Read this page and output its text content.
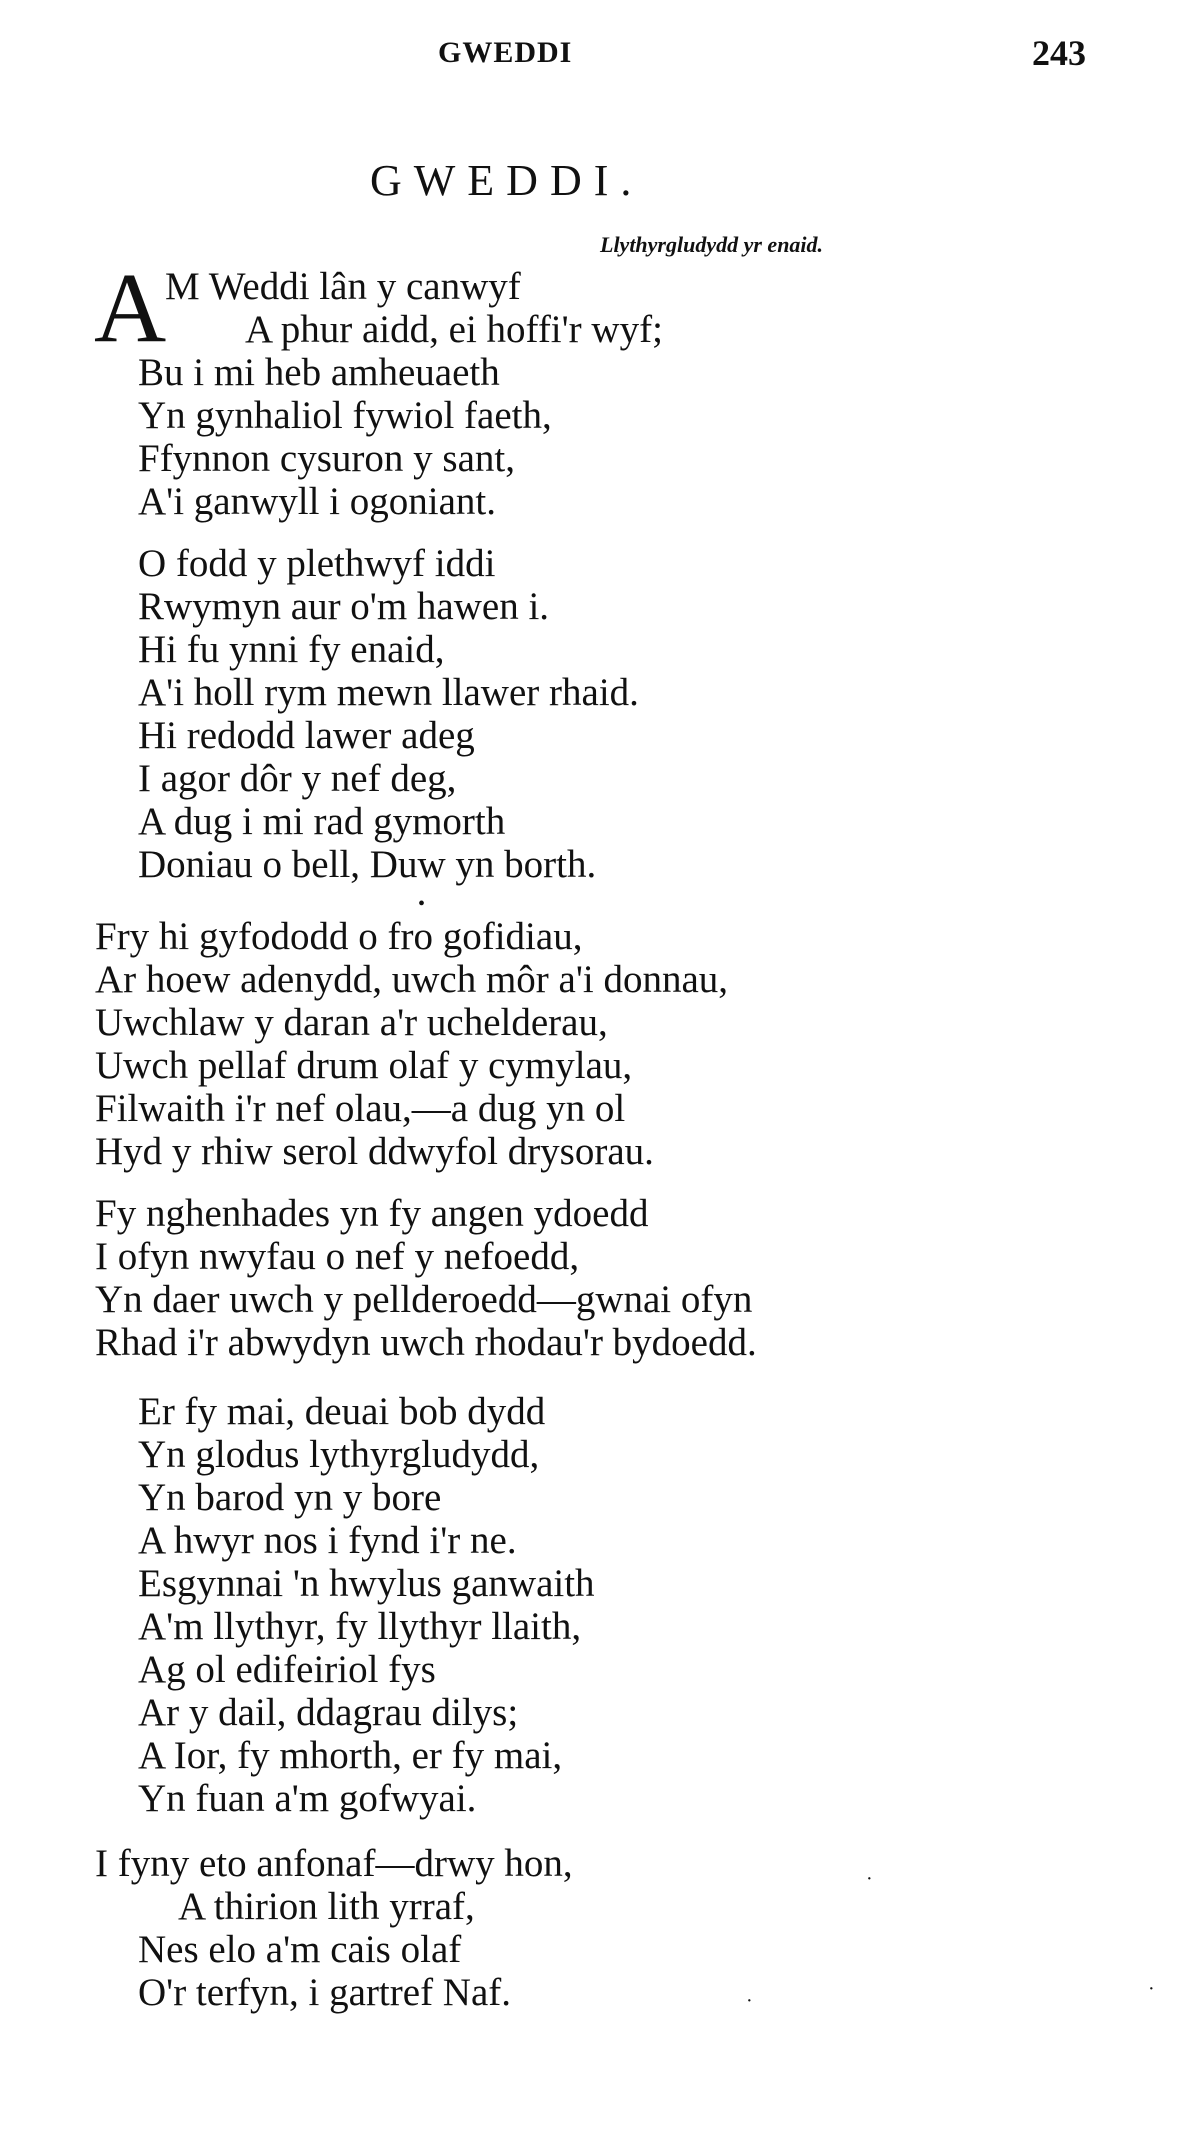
GWEDDI	243
GWEDDI.
Llythyrgludydd yr enaid.
A
M Weddi lân y canwyf
A phur aidd, ei hoffi'r wyf;
Bu i mi heb amheuaeth
Yn gynhaliol fywiol faeth,
Ffynnon cysuron y sant,
A'i ganwyll i ogoniant.
O fodd y plethwyf iddi
Rwymyn aur o'm hawen i.
Hi fu ynni fy enaid,
A'i holl rym mewn llawer rhaid.
Hi redodd lawer adeg
I agor dôr y nef deg,
A dug i mi rad gymorth
Doniau o bell, Duw yn borth.
•
Fry hi gyfododd o fro gofidiau,
Ar hoew adenydd, uwch môr a'i donnau,
Uwchlaw y daran a'r uchelderau,
Uwch pellaf drum olaf y cymylau,
Filwaith i'r nef olau,—a dug yn ol
Hyd y rhiw serol ddwyfol drysorau.
Fy nghenhades yn fy angen ydoedd
I ofyn nwyfau o nef y nefoedd,
Yn daer uwch y pellderoedd—gwnai ofyn
Rhad i'r abwydyn uwch rhodau'r bydoedd.
Er fy mai, deuai bob dydd
Yn glodus lythyrgludydd,
Yn barod yn y bore
A hwyr nos i fynd i'r ne.
Esgynnai 'n hwylus ganwaith
A'm llythyr, fy llythyr llaith,
Ag ol edifeiriol fys
Ar y dail, ddagrau dilys;
A Ior, fy mhorth, er fy mai,
Yn fuan a'm gofwyai.
I fyny eto anfonaf—drwy hon,
A thirion lith yrraf,
Nes elo a'm cais olaf
O'r terfyn, i gartref Naf.
·
·
·
